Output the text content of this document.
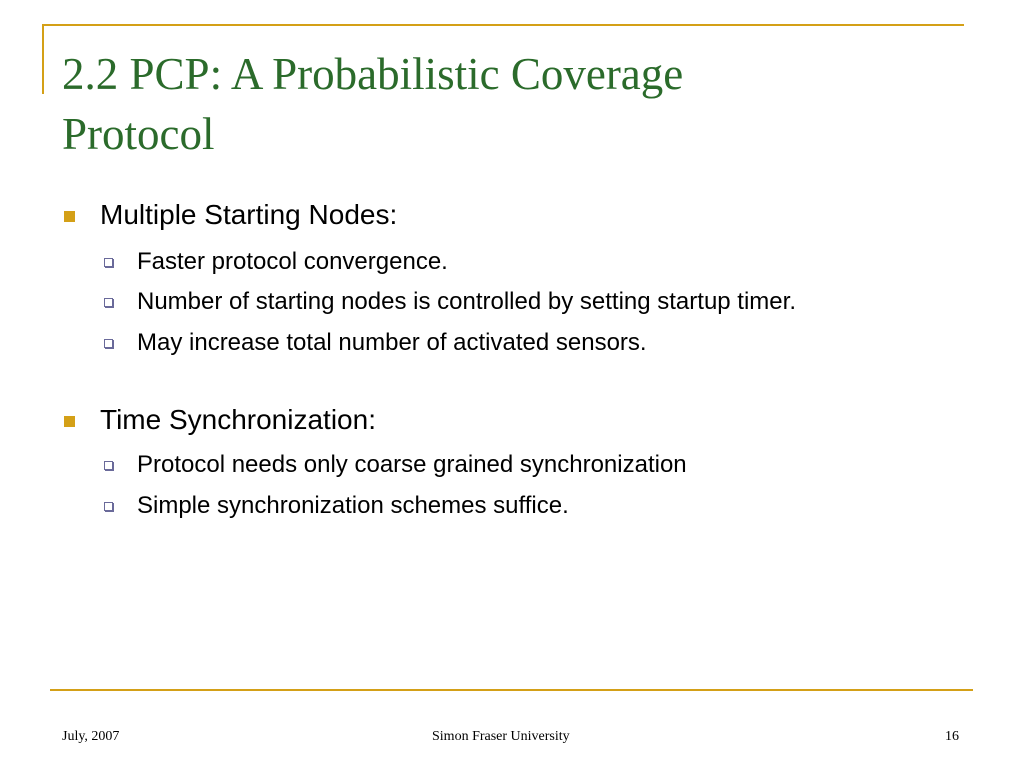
2.2 PCP: A Probabilistic Coverage
Protocol
Multiple Starting Nodes:
Faster protocol convergence.
Number of starting nodes is controlled by setting startup timer.
May increase total number of activated sensors.
Time Synchronization:
Protocol needs only coarse grained synchronization
Simple synchronization schemes suffice.
July, 2007	Simon Fraser University	16
